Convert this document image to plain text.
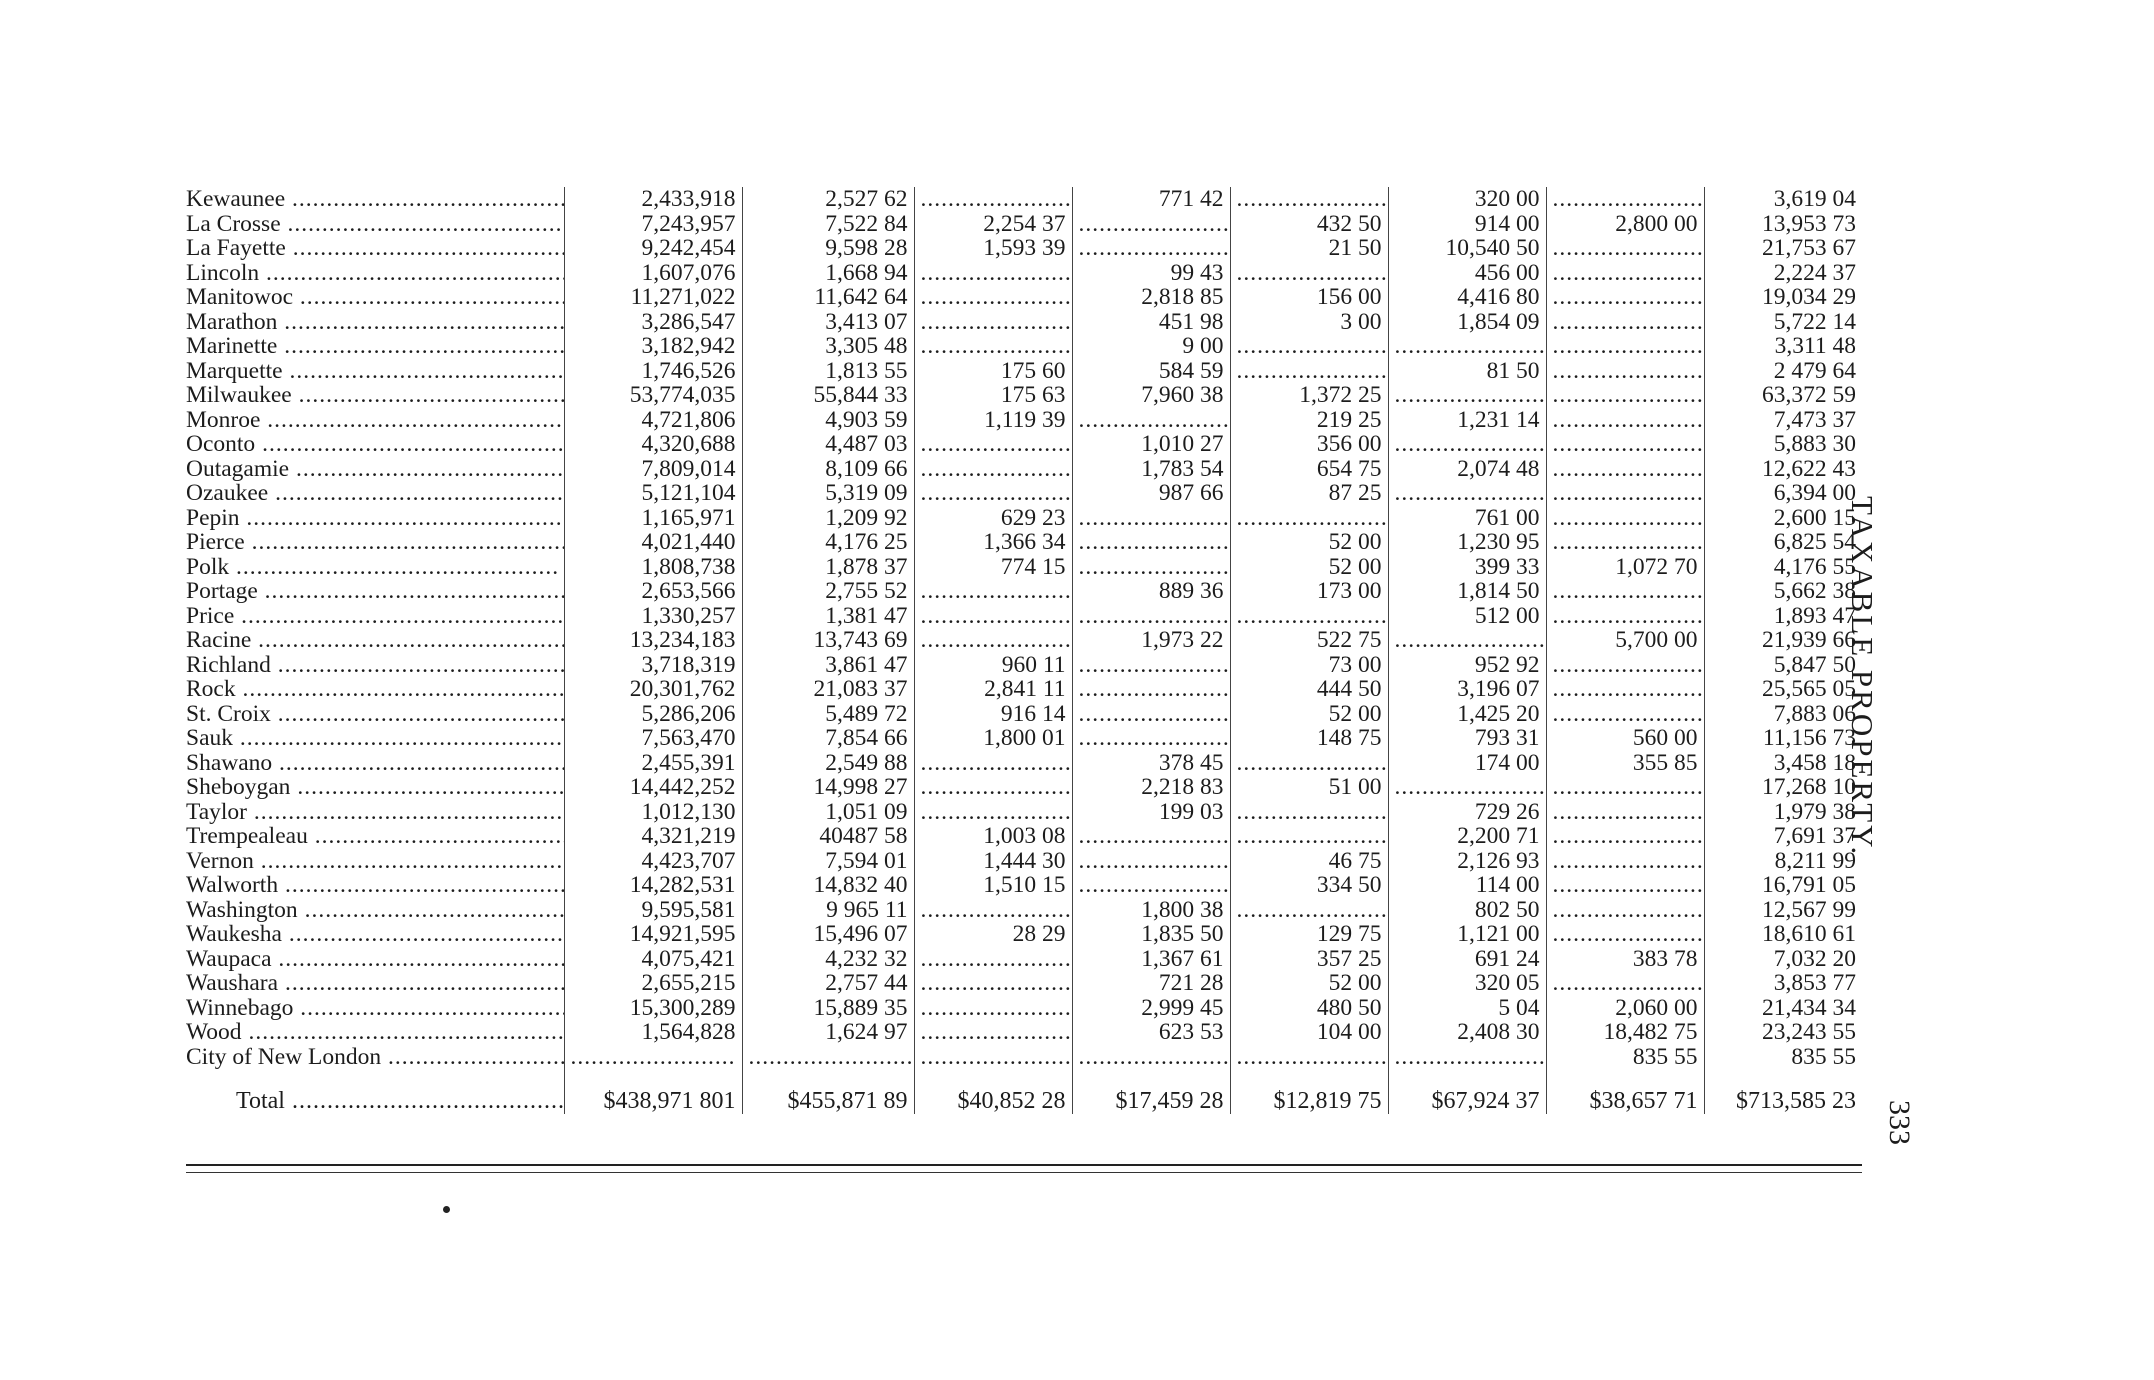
Kewaunee .....	2,433,918	2,527 62	.....	771 42	.....	320 00	.....	3,619 04
La Crosse .....	7,243,957	7,522 84	2,254 37	.....	432 50	914 00	2,800 00	13,953 73
La Fayette .....	9,242,454	9,598 28	1,593 39	.....	21 50	10,540 50	.....	21,753 67
Lincoln .....	1,607,076	1,668 94	.....	99 43	.....	456 00	.....	2,224 37
Manitowoc .....	11,271,022	11,642 64	.....	2,818 85	156 00	4,416 80	.....	19,034 29
Marathon .....	3,286,547	3,413 07	.....	451 98	3 00	1,854 09	.....	5,722 14
Marinette .....	3,182,942	3,305 48	.....	9 00	.....	.....	.....	3,311 48
Marquette .....	1,746,526	1,813 55	175 60	584 59	.....	81 50	.....	2 479 64
Milwaukee .....	53,774,035	55,844 33	175 63	7,960 38	1,372 25	.....	.....	63,372 59
Monroe .....	4,721,806	4,903 59	1,119 39	.....	219 25	1,231 14	.....	7,473 37
Oconto .....	4,320,688	4,487 03	.....	1,010 27	356 00	.....	.....	5,883 30
Outagamie .....	7,809,014	8,109 66	.....	1,783 54	654 75	2,074 48	.....	12,622 43
Ozaukee .....	5,121,104	5,319 09	.....	987 66	87 25	.....	.....	6,394 00
Pepin .....	1,165,971	1,209 92	629 23	.....	.....	761 00	.....	2,600 15
Pierce .....	4,021,440	4,176 25	1,366 34	.....	52 00	1,230 95	.....	6,825 54
Polk .....	1,808,738	1,878 37	774 15	.....	52 00	399 33	1,072 70	4,176 55
Portage .....	2,653,566	2,755 52	.....	889 36	173 00	1,814 50	.....	5,662 38
Price .....	1,330,257	1,381 47	.....	.....	.....	512 00	.....	1,893 47
Racine .....	13,234,183	13,743 69	.....	1,973 22	522 75	.....	5,700 00	21,939 66
Richland .....	3,718,319	3,861 47	960 11	.....	73 00	952 92	.....	5,847 50
Rock .....	20,301,762	21,083 37	2,841 11	.....	444 50	3,196 07	.....	25,565 05
St. Croix .....	5,286,206	5,489 72	916 14	.....	52 00	1,425 20	.....	7,883 06
Sauk .....	7,563,470	7,854 66	1,800 01	.....	148 75	793 31	560 00	11,156 73
Shawano .....	2,455,391	2,549 88	.....	378 45	.....	174 00	355 85	3,458 18
Sheboygan .....	14,442,252	14,998 27	.....	2,218 83	51 00	.....	.....	17,268 10
Taylor .....	1,012,130	1,051 09	.....	199 03	.....	729 26	.....	1,979 38
Trempealeau .....	4,321,219	40487 58	1,003 08	.....	.....	2,200 71	.....	7,691 37
Vernon .....	4,423,707	7,594 01	1,444 30	.....	46 75	2,126 93	.....	8,211 99
Walworth .....	14,282,531	14,832 40	1,510 15	.....	334 50	114 00	.....	16,791 05
Washington .....	9,595,581	9 965 11	.....	1,800 38	.....	802 50	.....	12,567 99
Waukesha .....	14,921,595	15,496 07	28 29	1,835 50	129 75	1,121 00	.....	18,610 61
Waupaca .....	4,075,421	4,232 32	.....	1,367 61	357 25	691 24	383 78	7,032 20
Waushara .....	2,655,215	2,757 44	.....	721 28	52 00	320 05	.....	3,853 77
Winnebago .....	15,300,289	15,889 35	.....	2,999 45	480 50	5 04	2,060 00	21,434 34
Wood .....	1,564,828	1,624 97	.....	623 53	104 00	2,408 30	18,482 75	23,243 55
City of New London .....	.....	.....	.....	.....	.....	.....	835 55	835 55
Total .....	$438,971 801	$455,871 89	$40,852 28	$17,459 28	$12,819 75	$67,924 37	$38,657 71	$713,585 23
TAXABLE PROPERTY.
333
